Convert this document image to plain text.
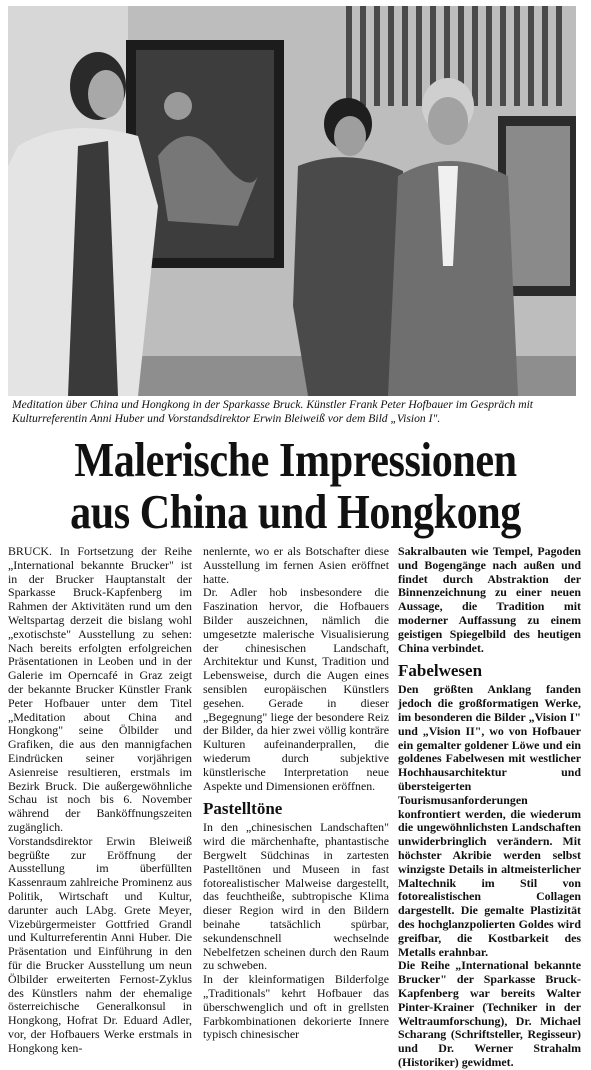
Meditation über China und Hongkong in der Sparkasse Bruck. Künstler Frank Peter Hofbauer im Gespräch mit Kulturreferentin Anni Huber und Vorstandsdirektor Erwin Bleiweiß vor dem Bild „Vision I".
Malerische Impressionen
aus China und Hongkong

BRUCK. In Fortsetzung der Reihe „International bekannte Brucker" ist in der Brucker Hauptanstalt der Sparkasse Bruck-Kapfenberg im Rahmen der Aktivitäten rund um den Weltspartag derzeit die bislang wohl „exotischste" Ausstellung zu sehen: Nach bereits erfolgten erfolgreichen Präsentationen in Leoben und in der Galerie im Operncafé in Graz zeigt der bekannte Brucker Künstler Frank Peter Hofbauer unter dem Titel „Meditation about China and Hongkong" seine Ölbilder und Grafiken, die aus den mannigfachen Eindrücken seiner vorjährigen Asienreise resultieren, erstmals im Bezirk Bruck. Die außergewöhnliche Schau ist noch bis 6. November während der Banköffnungszeiten zugänglich.

Vorstandsdirektor Erwin Bleiweiß begrüßte zur Eröffnung der Ausstellung im überfüllten Kassenraum zahlreiche Prominenz aus Politik, Wirtschaft und Kultur, darunter auch LAbg. Grete Meyer, Vizebürgermeister Gottfried Grandl und Kulturreferentin Anni Huber. Die Präsentation und Einführung in den für die Brucker Ausstellung um neun Ölbilder erweiterten Fernost-Zyklus des Künstlers nahm der ehemalige österreichische Generalkonsul in Hongkong, Hofrat Dr. Eduard Adler, vor, der Hofbauers Werke erstmals in Hongkong ken-

nenlernte, wo er als Botschafter diese Ausstellung im fernen Asien eröffnet hatte.

Dr. Adler hob insbesondere die Faszination hervor, die Hofbauers Bilder auszeichnen, nämlich die umgesetzte malerische Visualisierung der chinesischen Landschaft, Architektur und Kunst, Tradition und Lebensweise, durch die Augen eines sensiblen europäischen Künstlers gesehen. Gerade in dieser „Begegnung" liege der besondere Reiz der Bilder, da hier zwei völlig konträre Kulturen aufeinanderprallen, die wiederum durch subjektive künstlerische Interpretation neue Aspekte und Dimensionen eröffnen.

Pastelltöne

In den „chinesischen Landschaften" wird die märchenhafte, phantastische Bergwelt Südchinas in zartesten Pastelltönen und Museen in fast fotorealistischer Malweise dargestellt, das feuchtheiße, subtropische Klima dieser Region wird in den Bildern beinahe tatsächlich spürbar, sekundenschnell wechselnde Nebelfetzen scheinen durch den Raum zu schweben.

In der kleinformatigen Bilderfolge „Traditionals" kehrt Hofbauer das überschwenglich und oft in grellsten Farbkombinationen dekorierte Innere typisch chinesischer

Sakralbauten wie Tempel, Pagoden und Bogengänge nach außen und findet durch Abstraktion der Binnenzeichnung zu einer neuen Aussage, die Tradition mit moderner Auffassung zu einem geistigen Spiegelbild des heutigen China verbindet.

Fabelwesen

Den größten Anklang fanden jedoch die großformatigen Werke, im besonderen die Bilder „Vision I" und „Vision II", wo von Hofbauer ein gemalter goldener Löwe und ein goldenes Fabelwesen mit westlicher Hochhausarchitektur und übersteigerten Tourismusanforderungen konfrontiert werden, die wiederum die ungewöhnlichsten Landschaften unwiderbringlich verändern. Mit höchster Akribie werden selbst winzigste Details in altmeisterlicher Maltechnik im Stil von fotorealistischen Collagen dargestellt. Die gemalte Plastizität des hochglanzpolierten Goldes wird greifbar, die Kostbarkeit des Metalls erahnbar.

Die Reihe „International bekannte Brucker" der Sparkasse Bruck-Kapfenberg war bereits Walter Pinter-Krainer (Techniker in der Weltraumforschung), Dr. Michael Scharang (Schriftsteller, Regisseur) und Dr. Werner Strahalm (Historiker) gewidmet.
